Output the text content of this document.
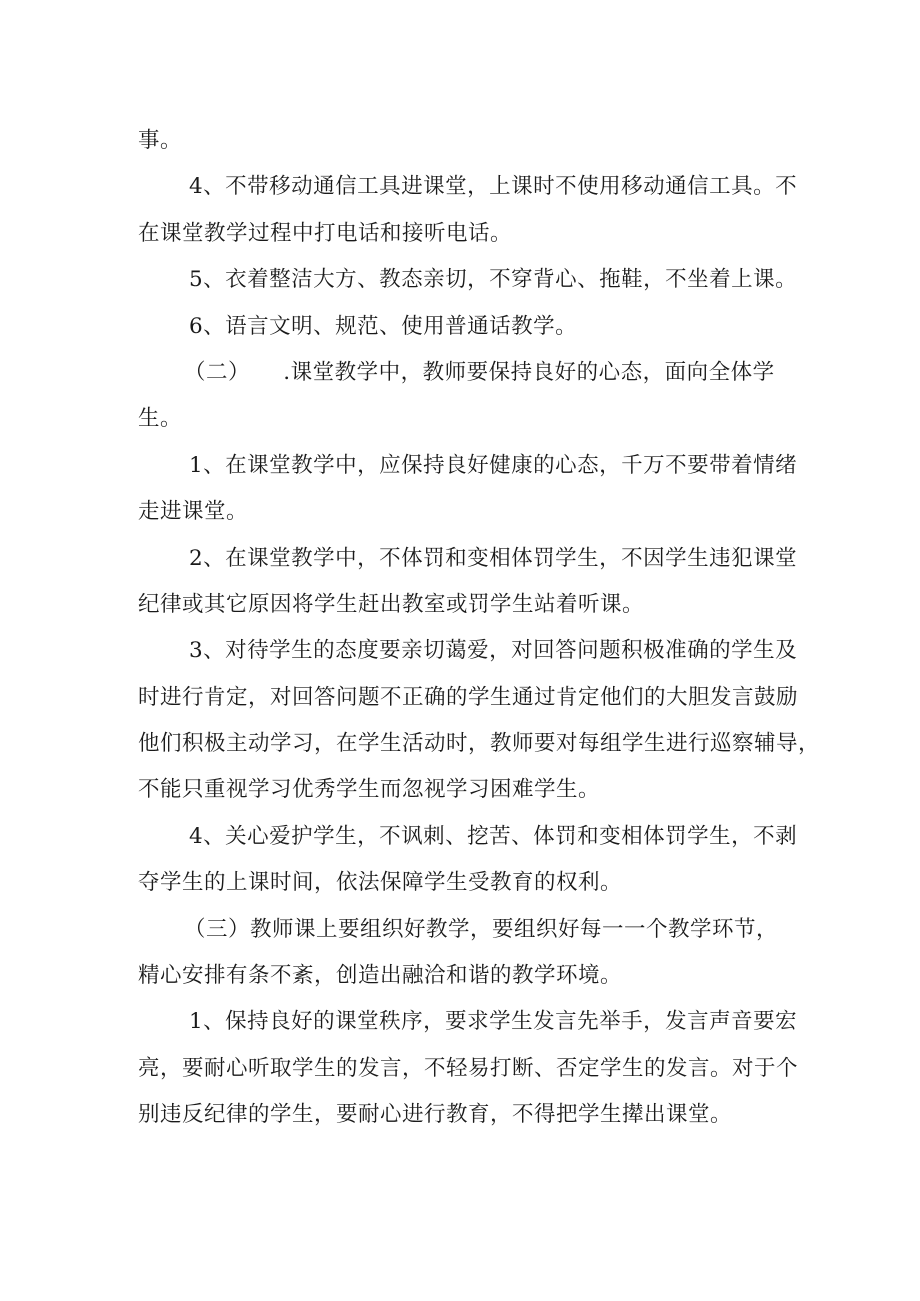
事。
4、不带移动通信工具进课堂，上课时不使用移动通信工具。不
在课堂教学过程中打电话和接听电话。
5、衣着整洁大方、教态亲切，不穿背心、拖鞋，不坐着上课。
6、语言文明、规范、使用普通话教学。
（二）　　.课堂教学中，教师要保持良好的心态，面向全体学
生。
1、在课堂教学中，应保持良好健康的心态，千万不要带着情绪
走进课堂。
2、在课堂教学中，不体罚和变相体罚学生，不因学生违犯课堂
纪律或其它原因将学生赶出教室或罚学生站着听课。
3、对待学生的态度要亲切蔼爱，对回答问题积极准确的学生及
时进行肯定，对回答问题不正确的学生通过肯定他们的大胆发言鼓励
他们积极主动学习，在学生活动时，教师要对每组学生进行巡察辅导，
不能只重视学习优秀学生而忽视学习困难学生。
4、关心爱护学生，不讽刺、挖苦、体罚和变相体罚学生，不剥
夺学生的上课时间，依法保障学生受教育的权利。
（三）教师课上要组织好教学，要组织好每一一个教学环节，
精心安排有条不紊，创造出融洽和谐的教学环境。
1、保持良好的课堂秩序，要求学生发言先举手，发言声音要宏
亮，要耐心听取学生的发言，不轻易打断、否定学生的发言。对于个
别违反纪律的学生，要耐心进行教育，不得把学生撵出课堂。
